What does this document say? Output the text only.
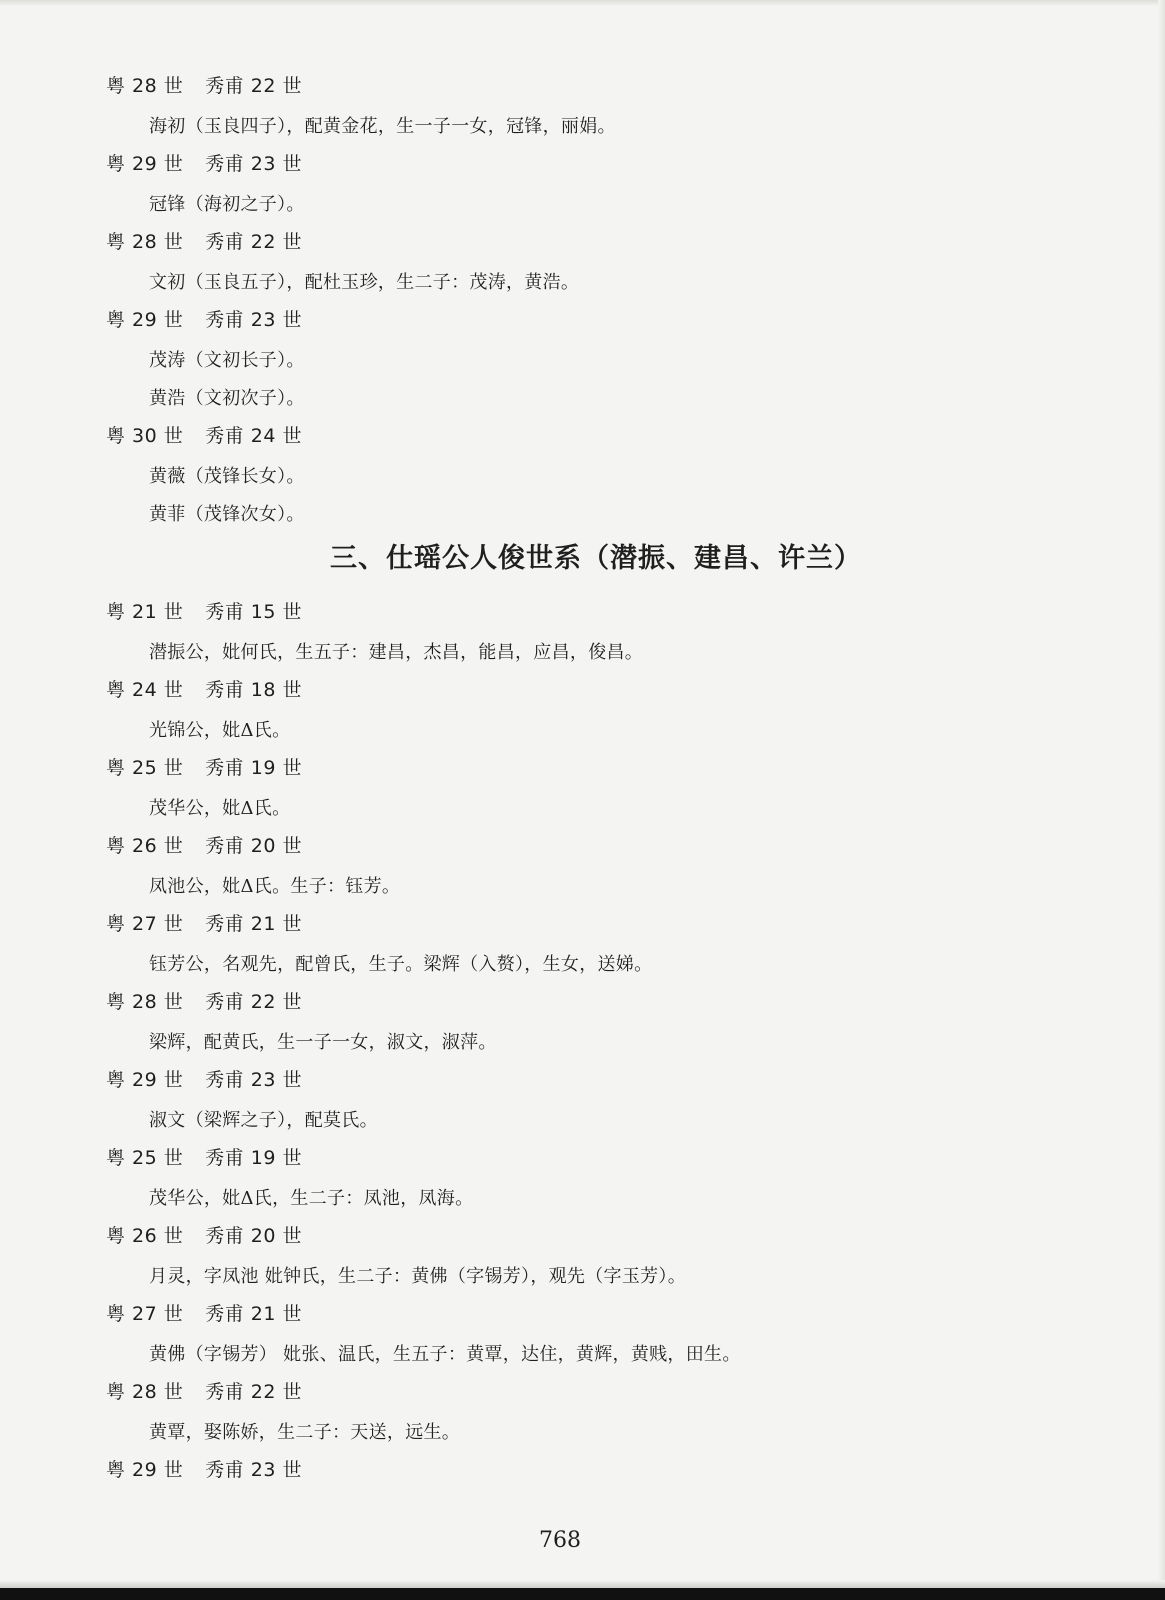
粤 28 世 秀甫 22 世
海初（玉良四子），配黄金花，生一子一女，冠锋，丽娟。
粤 29 世 秀甫 23 世
冠锋（海初之子）。
粤 28 世 秀甫 22 世
文初（玉良五子），配杜玉珍，生二子：茂涛，黄浩。
粤 29 世 秀甫 23 世
茂涛（文初长子）。
黄浩（文初次子）。
粤 30 世 秀甫 24 世
黄薇（茂锋长女）。
黄菲（茂锋次女）。
三、仕瑶公人俊世系（潜振、建昌、许兰）
粤 21 世 秀甫 15 世
潜振公，妣何氏，生五子：建昌，杰昌，能昌，应昌，俊昌。
粤 24 世 秀甫 18 世
光锦公，妣Δ氏。
粤 25 世 秀甫 19 世
茂华公，妣Δ氏。
粤 26 世 秀甫 20 世
凤池公，妣Δ氏。生子：钰芳。
粤 27 世 秀甫 21 世
钰芳公，名观先，配曾氏，生子。梁辉（入赘），生女，送娣。
粤 28 世 秀甫 22 世
梁辉，配黄氏，生一子一女，淑文，淑萍。
粤 29 世 秀甫 23 世
淑文（梁辉之子），配莫氏。
粤 25 世 秀甫 19 世
茂华公，妣Δ氏，生二子：凤池，凤海。
粤 26 世 秀甫 20 世
月灵，字凤池 妣钟氏，生二子：黄佛（字锡芳），观先（字玉芳）。
粤 27 世 秀甫 21 世
黄佛（字锡芳） 妣张、温氏，生五子：黄覃，达住，黄辉，黄贱，田生。
粤 28 世 秀甫 22 世
黄覃，娶陈娇，生二子：天送，远生。
粤 29 世 秀甫 23 世
768
